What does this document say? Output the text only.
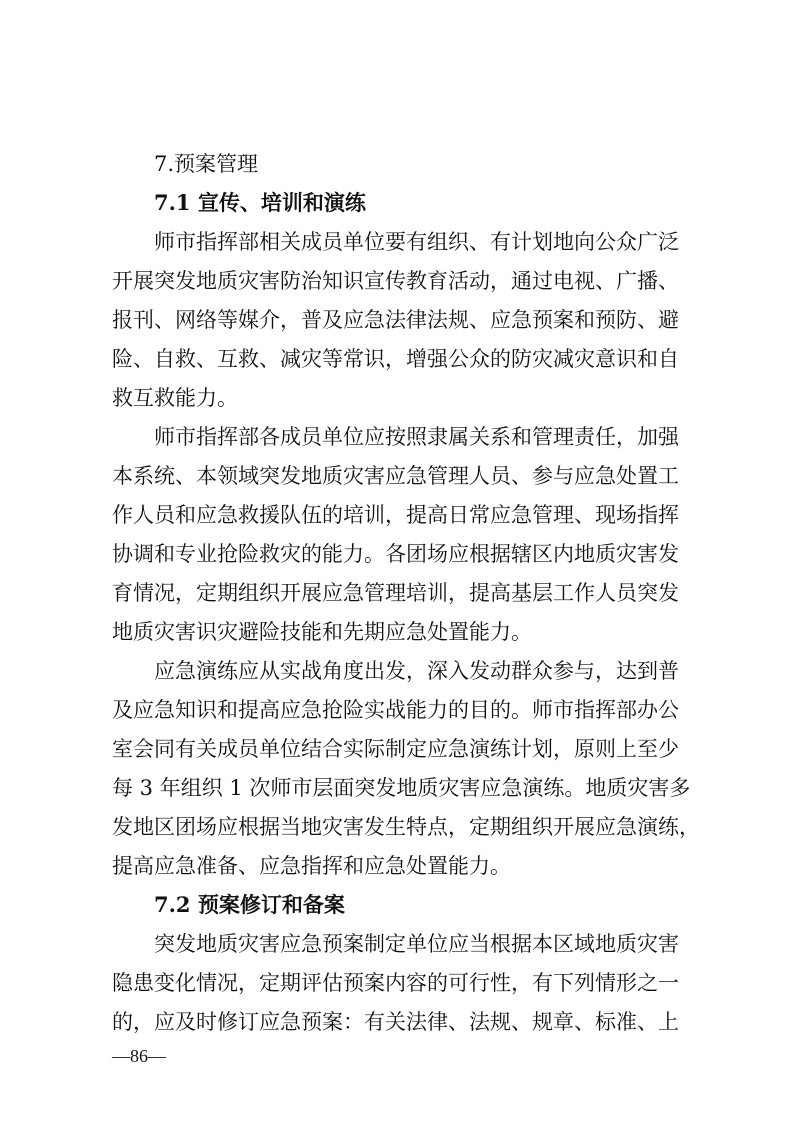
7.预案管理
7.1 宣传、培训和演练
师市指挥部相关成员单位要有组织、有计划地向公众广泛
开展突发地质灾害防治知识宣传教育活动，通过电视、广播、
报刊、网络等媒介，普及应急法律法规、应急预案和预防、避
险、自救、互救、减灾等常识，增强公众的防灾减灾意识和自
救互救能力。
师市指挥部各成员单位应按照隶属关系和管理责任，加强
本系统、本领域突发地质灾害应急管理人员、参与应急处置工
作人员和应急救援队伍的培训，提高日常应急管理、现场指挥
协调和专业抢险救灾的能力。各团场应根据辖区内地质灾害发
育情况，定期组织开展应急管理培训，提高基层工作人员突发
地质灾害识灾避险技能和先期应急处置能力。
应急演练应从实战角度出发，深入发动群众参与，达到普
及应急知识和提高应急抢险实战能力的目的。师市指挥部办公
室会同有关成员单位结合实际制定应急演练计划，原则上至少
每 3 年组织 1 次师市层面突发地质灾害应急演练。地质灾害多
发地区团场应根据当地灾害发生特点，定期组织开展应急演练，
提高应急准备、应急指挥和应急处置能力。
7.2 预案修订和备案
突发地质灾害应急预案制定单位应当根据本区域地质灾害
隐患变化情况，定期评估预案内容的可行性，有下列情形之一
的，应及时修订应急预案：有关法律、法规、规章、标准、上
—86—
